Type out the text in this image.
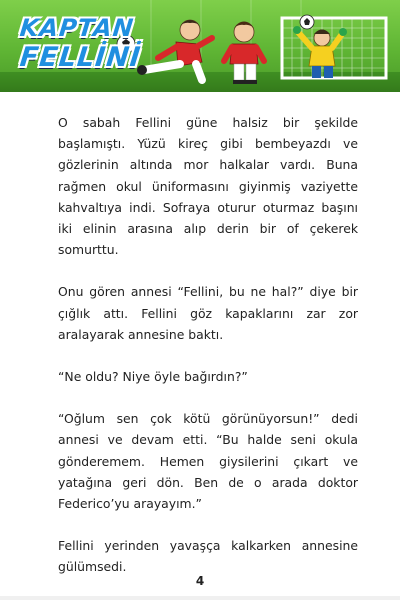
KAPTAN
FELLİNİ

O sabah Fellini güne halsiz bir şekilde başlamıştı. Yüzü kireç gibi bembeyazdı ve gözlerinin altında mor halkalar vardı. Buna rağmen okul üniformasını giyinmiş vaziyette kahvaltıya indi. Sofraya oturur oturmaz başını iki elinin arasına alıp derin bir of çekerek somurttu.

Onu gören annesi “Fellini, bu ne hal?” diye bir çığlık attı. Fellini göz kapaklarını zar zor aralayarak annesine baktı.

“Ne oldu? Niye öyle bağırdın?”

“Oğlum sen çok kötü görünüyorsun!” dedi annesi ve devam etti. “Bu halde seni okula gönderemem. Hemen giysilerini çıkart ve yatağına geri dön. Ben de o arada doktor Federico’yu arayayım.”

Fellini yerinden yavaşça kalkarken annesine gülümsedi.

4
